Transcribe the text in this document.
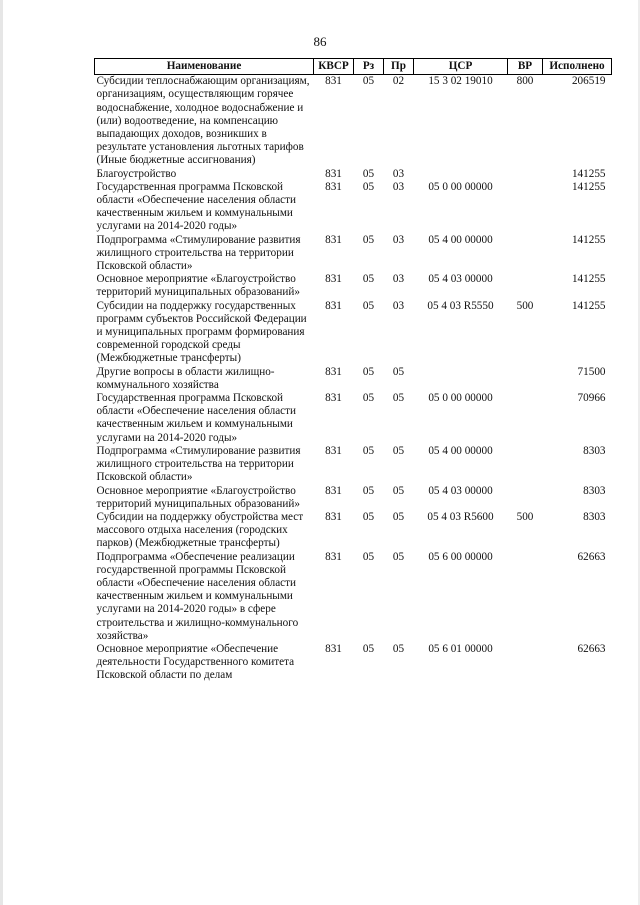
86
Наименование	КВСР	Рз	Пр	ЦСР	ВР	Исполнено
Субсидии теплоснабжающим организациям, организациям, осуществляющим горячее водоснабжение, холодное водоснабжение и (или) водоотведение, на компенсацию выпадающих доходов, возникших в результате установления льготных тарифов (Иные бюджетные ассигнования)	831	05	02	15 3 02 19010	800	206519
Благоустройство	831	05	03			141255
Государственная программа Псковской области «Обеспечение населения области качественным жильем и коммунальными услугами на 2014-2020 годы»	831	05	03	05 0 00 00000		141255
Подпрограмма «Стимулирование развития жилищного строительства на территории Псковской области»	831	05	03	05 4 00 00000		141255
Основное мероприятие «Благоустройство территорий муниципальных образований»	831	05	03	05 4 03 00000		141255
Субсидии на поддержку государственных программ субъектов Российской Федерации и муниципальных программ формирования современной городской среды (Межбюджетные трансферты)	831	05	03	05 4 03 R5550	500	141255
Другие вопросы в области жилищно-коммунального хозяйства	831	05	05			71500
Государственная программа Псковской области «Обеспечение населения области качественным жильем и коммунальными услугами на 2014-2020 годы»	831	05	05	05 0 00 00000		70966
Подпрограмма «Стимулирование развития жилищного строительства на территории Псковской области»	831	05	05	05 4 00 00000		8303
Основное мероприятие «Благоустройство территорий муниципальных образований»	831	05	05	05 4 03 00000		8303
Субсидии на поддержку обустройства мест массового отдыха населения (городских парков) (Межбюджетные трансферты)	831	05	05	05 4 03 R5600	500	8303
Подпрограмма «Обеспечение реализации государственной программы Псковской области «Обеспечение населения области качественным жильем и коммунальными услугами на 2014-2020 годы» в сфере строительства и жилищно-коммунального хозяйства»	831	05	05	05 6 00 00000		62663
Основное мероприятие «Обеспечение деятельности Государственного комитета Псковской области по делам	831	05	05	05 6 01 00000		62663
